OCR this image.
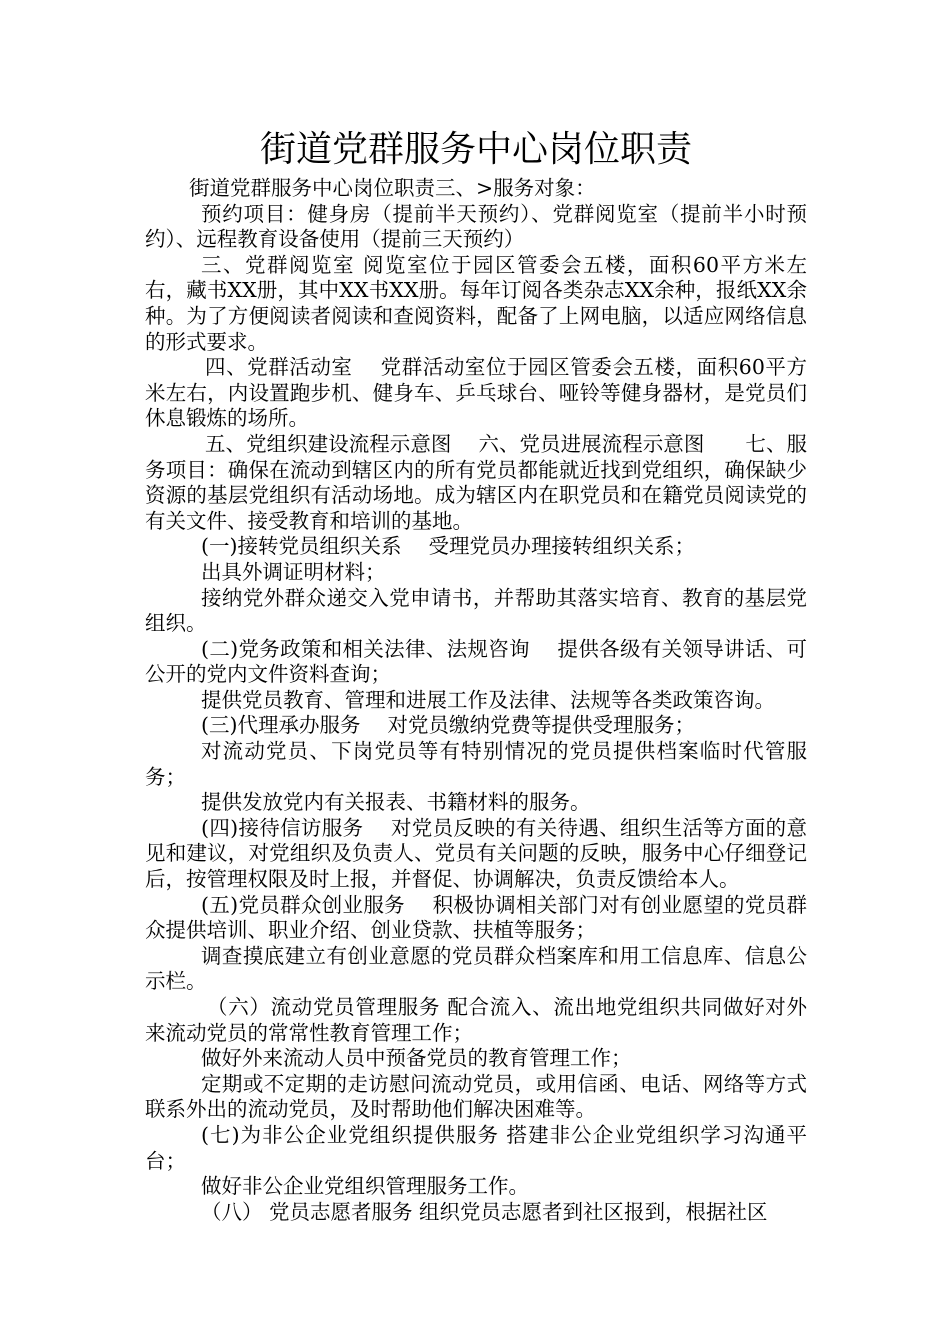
街道党群服务中心岗位职责

街道党群服务中心岗位职责三、>服务对象：

预约项目：健身房（提前半天预约）、党群阅览室（提前半小时预约）、远程教育设备使用（提前三天预约）

三、党群阅览室 阅览室位于园区管委会五楼，面积60平方米左右，藏书XX册，其中XX书XX册。每年订阅各类杂志XX余种，报纸XX余种。为了方便阅读者阅读和查阅资料，配备了上网电脑，以适应网络信息的形式要求。

四、党群活动室　 党群活动室位于园区管委会五楼，面积60平方米左右，内设置跑步机、健身车、乒乓球台、哑铃等健身器材，是党员们休息锻炼的场所。

五、党组织建设流程示意图　 六、党员进展流程示意图　　七、服务项目：确保在流动到辖区内的所有党员都能就近找到党组织，确保缺少资源的基层党组织有活动场地。成为辖区内在职党员和在籍党员阅读党的有关文件、接受教育和培训的基地。

(一)接转党员组织关系　 受理党员办理接转组织关系；

出具外调证明材料；

接纳党外群众递交入党申请书，并帮助其落实培育、教育的基层党组织。

(二)党务政策和相关法律、法规咨询　 提供各级有关领导讲话、可公开的党内文件资料查询；

提供党员教育、管理和进展工作及法律、法规等各类政策咨询。

(三)代理承办服务　 对党员缴纳党费等提供受理服务；

对流动党员、下岗党员等有特别情况的党员提供档案临时代管服务；

提供发放党内有关报表、书籍材料的服务。

(四)接待信访服务　 对党员反映的有关待遇、组织生活等方面的意见和建议，对党组织及负责人、党员有关问题的反映，服务中心仔细登记后，按管理权限及时上报，并督促、协调解决，负责反馈给本人。

(五)党员群众创业服务　 积极协调相关部门对有创业愿望的党员群众提供培训、职业介绍、创业贷款、扶植等服务；

调查摸底建立有创业意愿的党员群众档案库和用工信息库、信息公示栏。

（六）流动党员管理服务 配合流入、流出地党组织共同做好对外来流动党员的常常性教育管理工作；

做好外来流动人员中预备党员的教育管理工作；

定期或不定期的走访慰问流动党员，或用信函、电话、网络等方式联系外出的流动党员，及时帮助他们解决困难等。

(七)为非公企业党组织提供服务 搭建非公企业党组织学习沟通平台；

做好非公企业党组织管理服务工作。

（八） 党员志愿者服务 组织党员志愿者到社区报到，根据社区
